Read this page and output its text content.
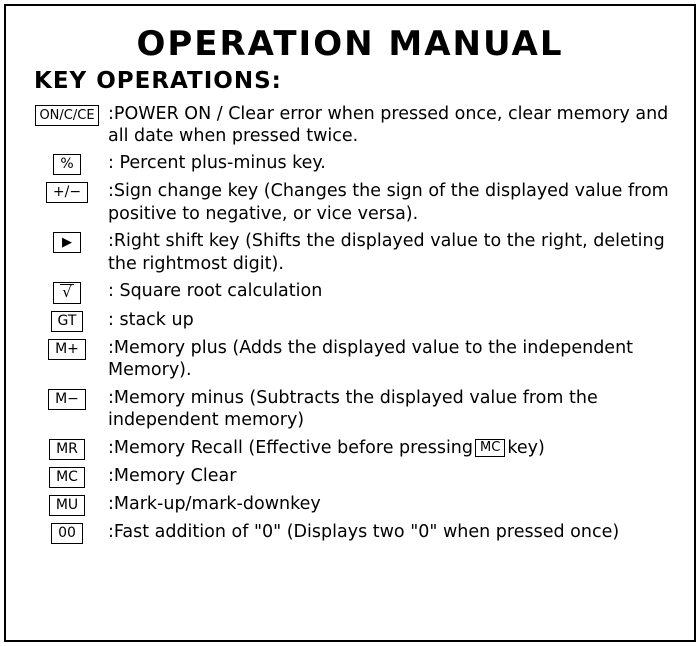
OPERATION MANUAL
KEY OPERATIONS:
ON/C/CE :POWER ON / Clear error when pressed once, clear memory and all date when pressed twice.
%	: Percent plus-minus key.
+/−	:Sign change key (Changes the sign of the displayed value from positive to negative, or vice versa).
▶	:Right shift key (Shifts the displayed value to the right, deleting the rightmost digit).
√	: Square root calculation
GT	: stack up
M+	:Memory plus (Adds the displayed value to the independent Memory).
M−	:Memory minus (Subtracts the displayed value from the independent memory)
MR	:Memory Recall (Effective before pressing MC key)
MC	:Memory Clear
MU	:Mark-up/mark-downkey
00	:Fast addition of "0" (Displays two "0" when pressed once)
